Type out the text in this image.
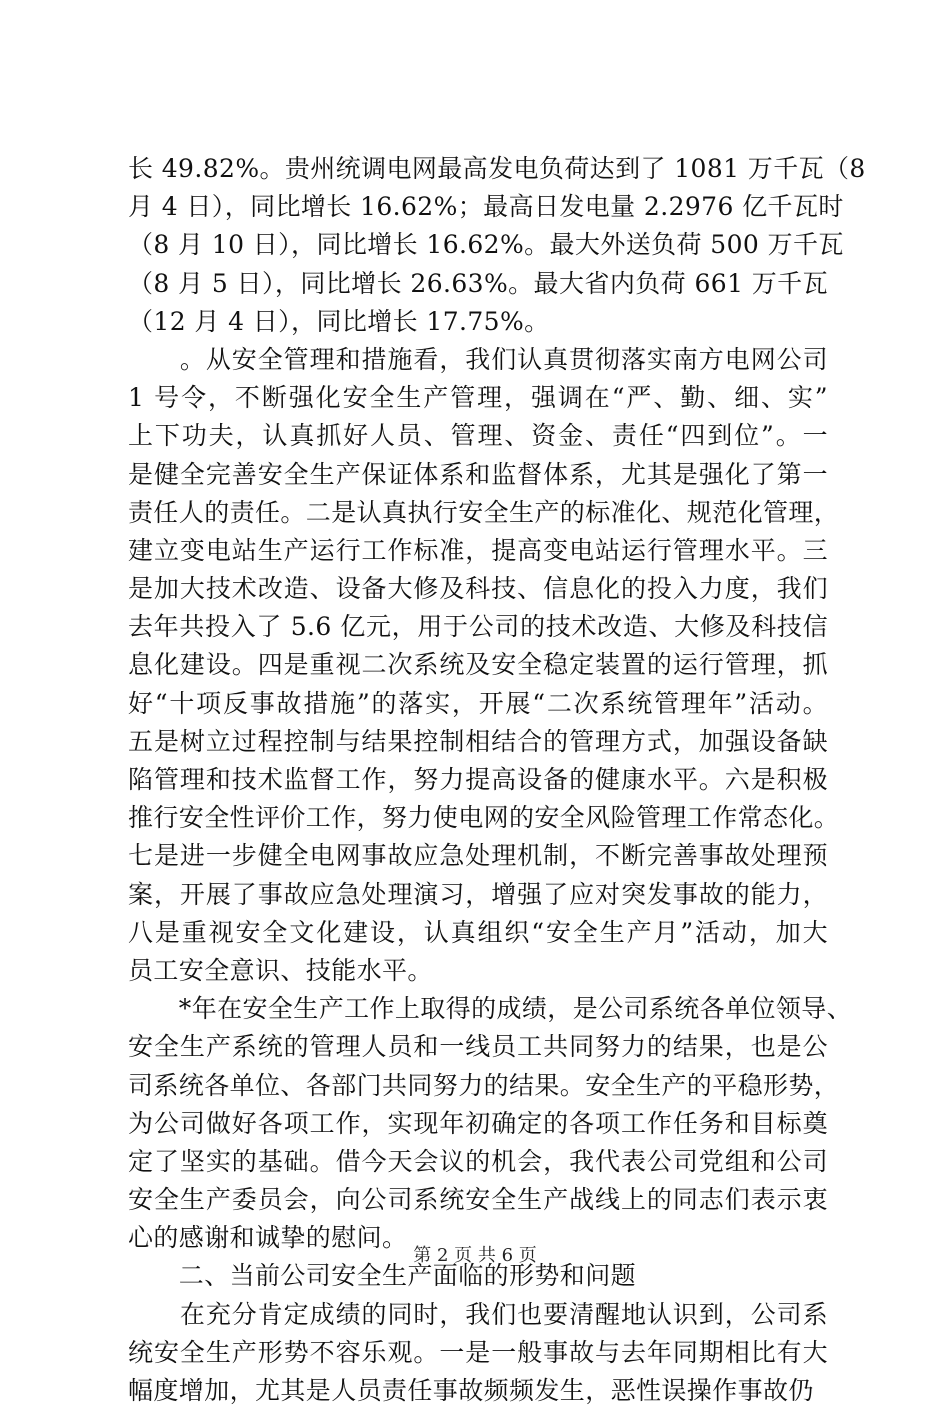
长 49.82%。贵州统调电网最高发电负荷达到了 1081 万千瓦（8
月 4 日），同比增长 16.62%；最高日发电量 2.2976 亿千瓦时
（8 月 10 日），同比增长 16.62%。最大外送负荷 500 万千瓦
（8 月 5 日），同比增长 26.63%。最大省内负荷 661 万千瓦
（12 月 4 日），同比增长 17.75%。
　　。从安全管理和措施看，我们认真贯彻落实南方电网公司
1 号令，不断强化安全生产管理，强调在“严、勤、细、实”
上下功夫，认真抓好人员、管理、资金、责任“四到位”。一
是健全完善安全生产保证体系和监督体系，尤其是强化了第一
责任人的责任。二是认真执行安全生产的标准化、规范化管理，
建立变电站生产运行工作标准，提高变电站运行管理水平。三
是加大技术改造、设备大修及科技、信息化的投入力度，我们
去年共投入了 5.6 亿元，用于公司的技术改造、大修及科技信
息化建设。四是重视二次系统及安全稳定装置的运行管理，抓
好“十项反事故措施”的落实，开展“二次系统管理年”活动。
五是树立过程控制与结果控制相结合的管理方式，加强设备缺
陷管理和技术监督工作，努力提高设备的健康水平。六是积极
推行安全性评价工作，努力使电网的安全风险管理工作常态化。
七是进一步健全电网事故应急处理机制，不断完善事故处理预
案，开展了事故应急处理演习，增强了应对突发事故的能力，
八是重视安全文化建设，认真组织“安全生产月”活动，加大
员工安全意识、技能水平。
　　*年在安全生产工作上取得的成绩，是公司系统各单位领导、
安全生产系统的管理人员和一线员工共同努力的结果，也是公
司系统各单位、各部门共同努力的结果。安全生产的平稳形势，
为公司做好各项工作，实现年初确定的各项工作任务和目标奠
定了坚实的基础。借今天会议的机会，我代表公司党组和公司
安全生产委员会，向公司系统安全生产战线上的同志们表示衷
心的感谢和诚挚的慰问。
　　二、当前公司安全生产面临的形势和问题
　　在充分肯定成绩的同时，我们也要清醒地认识到，公司系
统安全生产形势不容乐观。一是一般事故与去年同期相比有大
幅度增加，尤其是人员责任事故频频发生，恶性误操作事故仍
第 2 页 共 6 页
